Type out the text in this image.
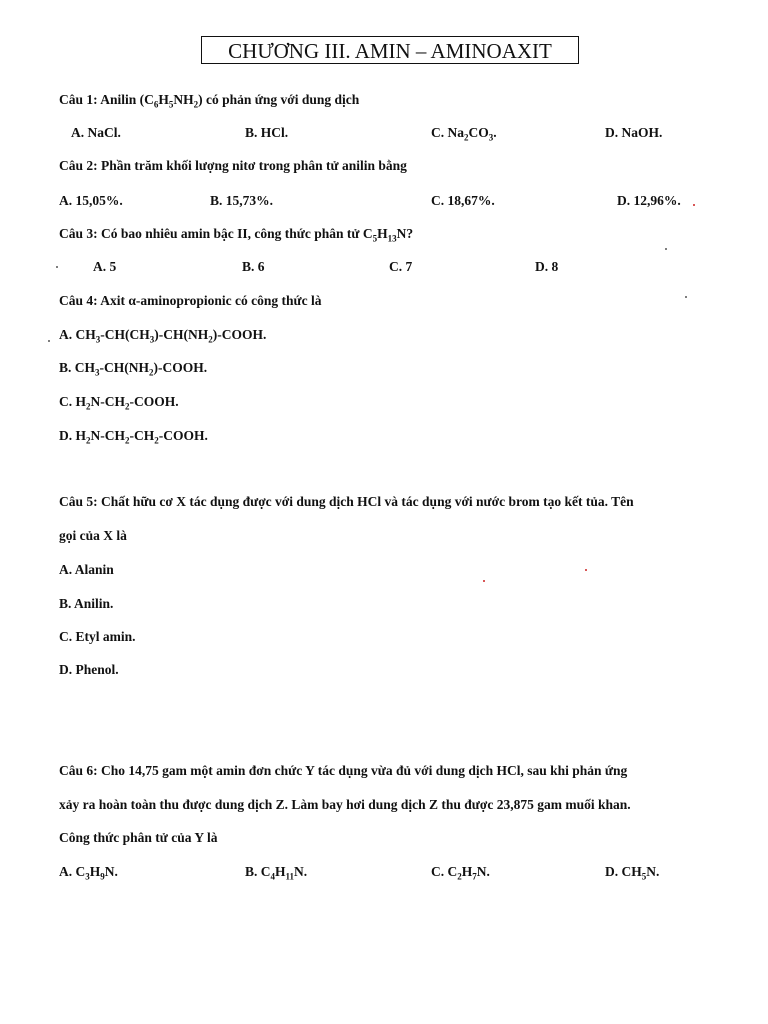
CHƯƠNG III. AMIN – AMINOAXIT
Câu 1: Anilin $(C_6H_5NH_2)$ có phản ứng với dung dịch
A. NaCl.	B. HCl.	C. $Na_2CO_3$.	D. NaOH.
Câu 2: Phần trăm khối lượng nitơ trong phân tử anilin bằng
A. 15,05%.	B. 15,73%.	C. 18,67%.	D. 12,96%.
Câu 3: Có bao nhiêu amin bậc II, công thức phân tử $C_5H_{13}N$?
A. 5	B. 6	C. 7	D. 8
Câu 4: Axit α-aminopropionic có công thức là
A. $CH_3-CH(CH_3)-CH(NH_2)$-COOH.
B. $CH_3-CH(NH_2)$-COOH.
C. $H_2N-CH_2$-COOH.
D. $H_2N-CH_2-CH_2$-COOH.
Câu 5: Chất hữu cơ X tác dụng được với dung dịch HCl và tác dụng với nước brom tạo kết tủa. Tên
gọi của X là
A. Alanin
B. Anilin.
C. Etyl amin.
D. Phenol.
Câu 6: Cho 14,75 gam một amin đơn chức Y tác dụng vừa đủ với dung dịch HCl, sau khi phản ứng
xảy ra hoàn toàn thu được dung dịch Z. Làm bay hơi dung dịch Z thu được 23,875 gam muối khan.
Công thức phân tử của Y là
A. $C_3H_9N$.	B. $C_4H_{11}N$.	C. $C_2H_7N$.	D. $CH_5N$.
